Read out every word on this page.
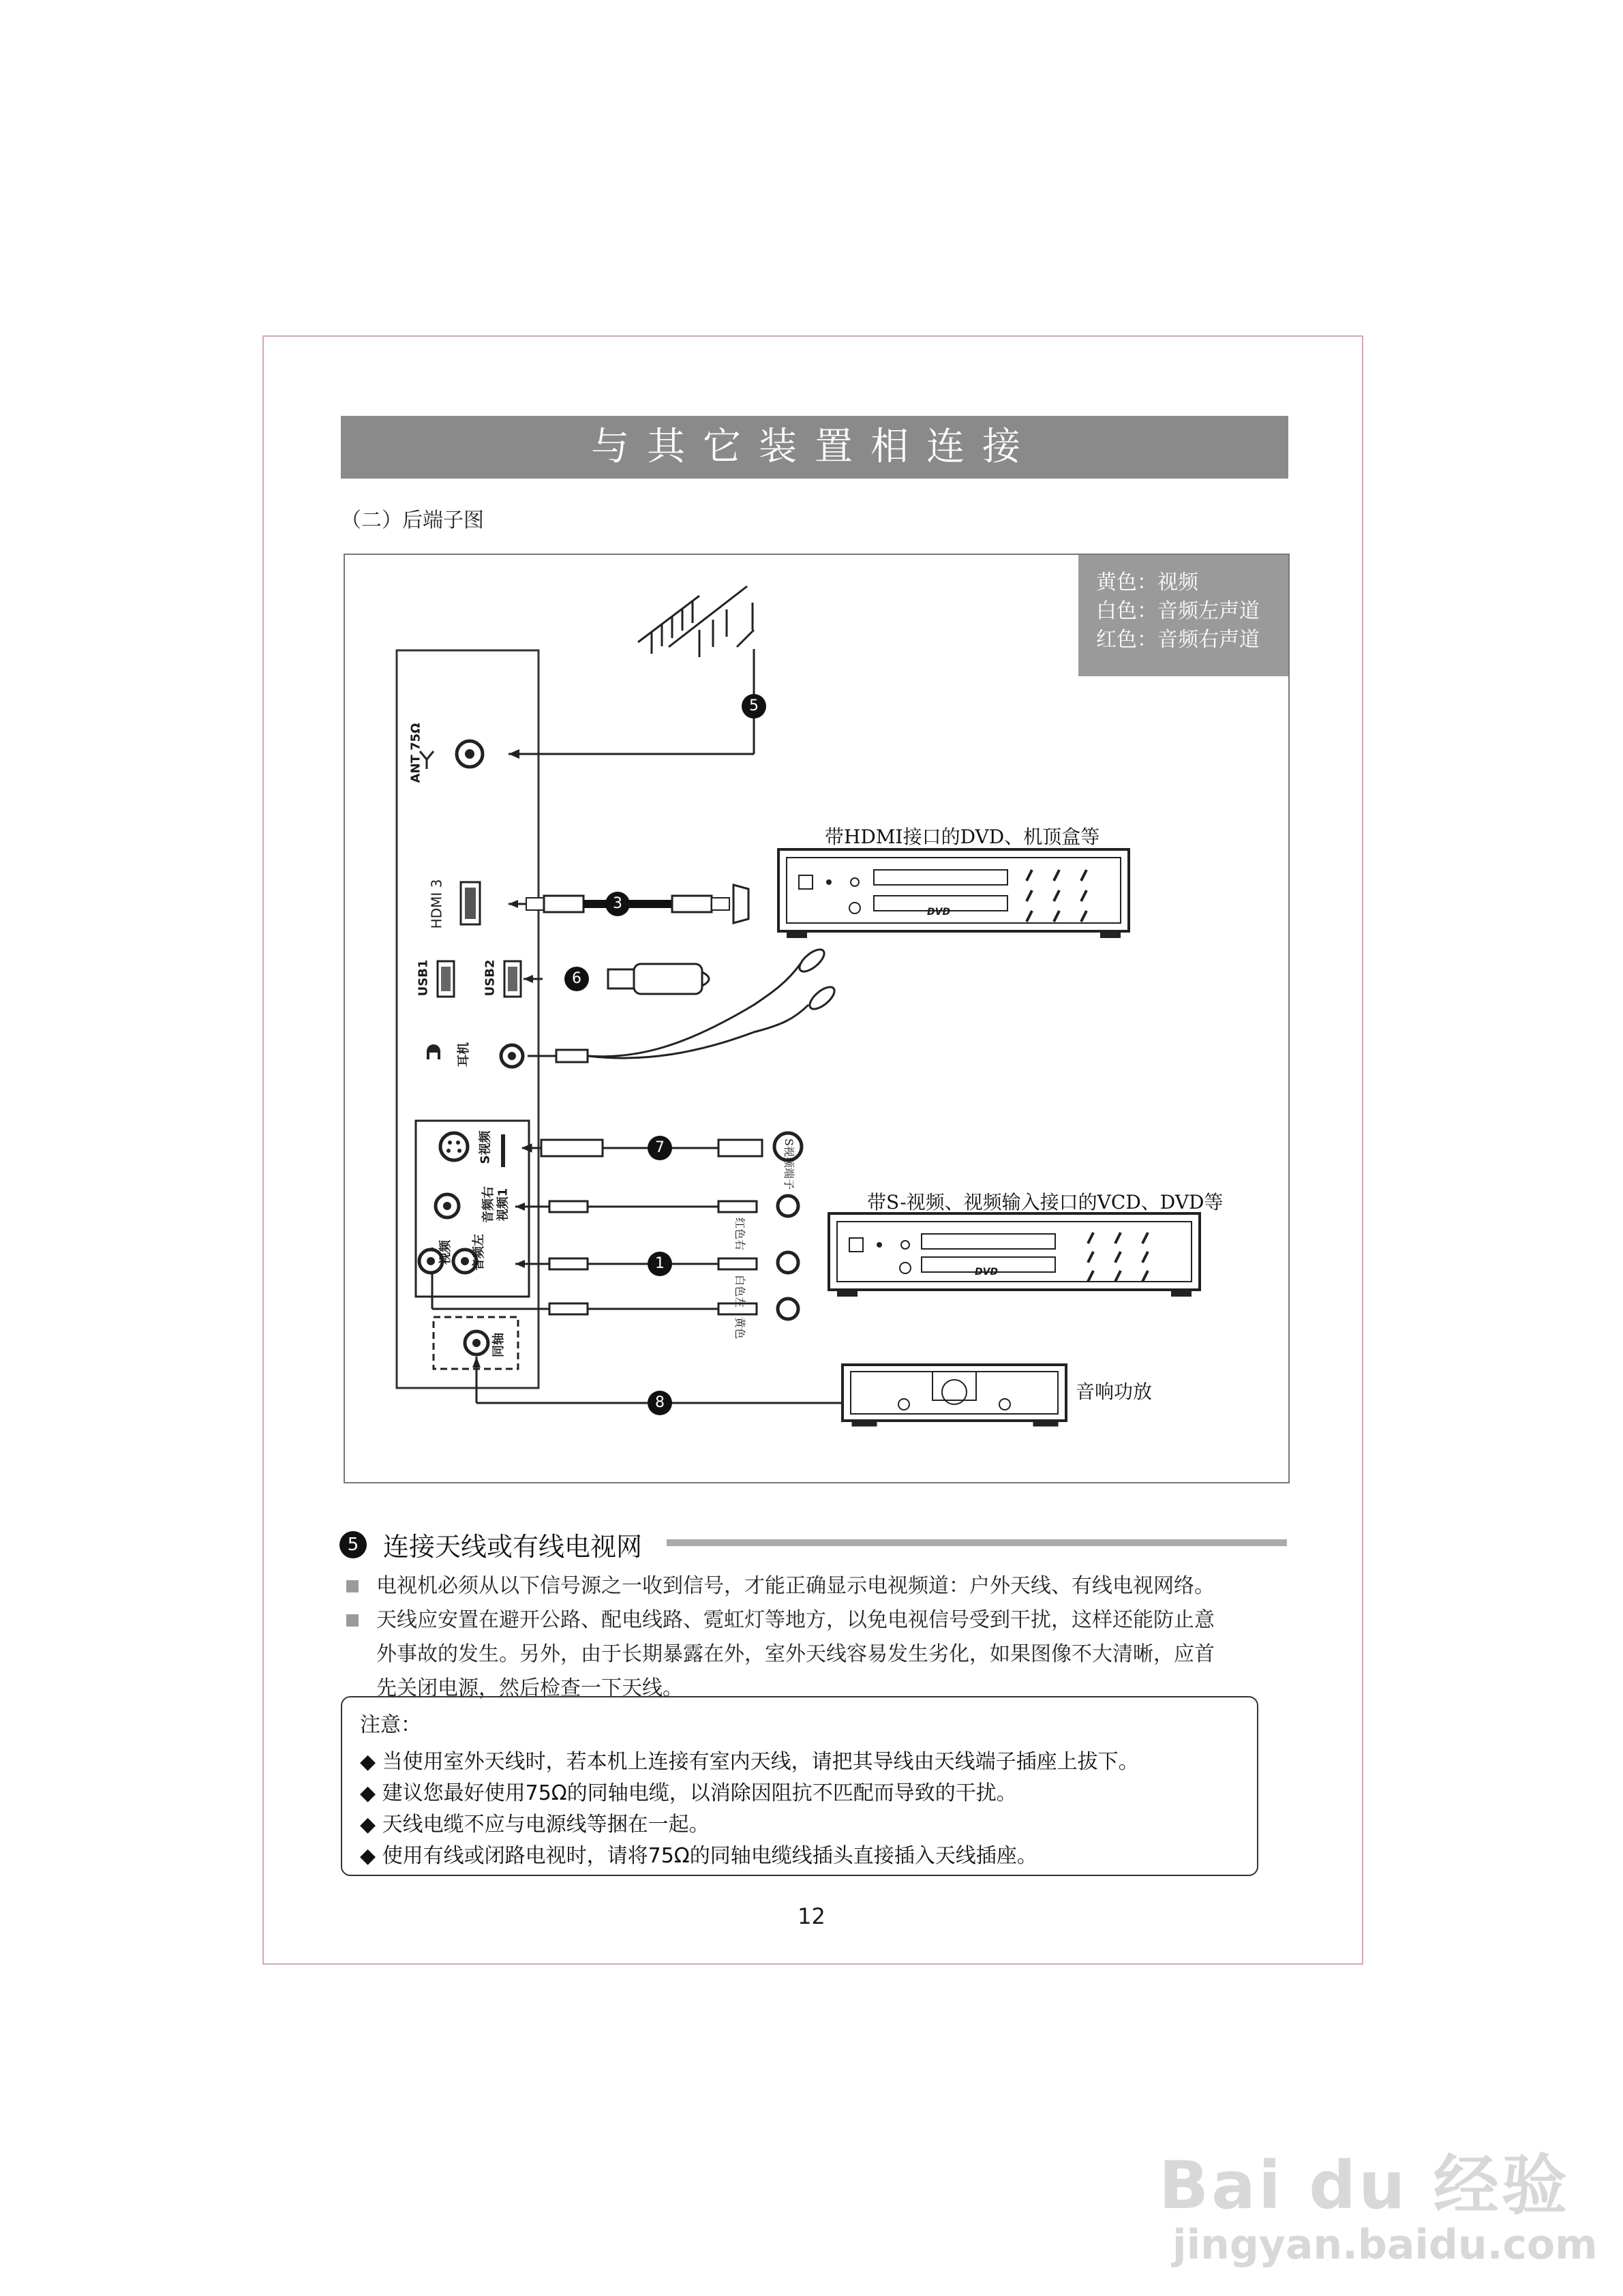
与其它装置相连接
（二）后端子图
黄色：视频
白色：音频左声道
红色：音频右声道
5
3
6
7
1
8
ANT 75Ω
HDMI 3
USB1	USB2
耳机
S视频
音频右 视频1
视频 音频左
同轴
S视频端子
红色右
白色左
黄色
带HDMI接口的DVD、机顶盒等
DVD
带S-视频、视频输入接口的VCD、DVD等
DVD
音响功放
5 连接天线或有线电视网
电视机必须从以下信号源之一收到信号，才能正确显示电视频道：户外天线、有线电视网络。
天线应安置在避开公路、配电线路、霓虹灯等地方，以免电视信号受到干扰，这样还能防止意
外事故的发生。另外，由于长期暴露在外，室外天线容易发生劣化，如果图像不大清晰，应首
先关闭电源，然后检查一下天线。
注意：
◆ 当使用室外天线时，若本机上连接有室内天线，请把其导线由天线端子插座上拔下。
◆ 建议您最好使用75Ω的同轴电缆，以消除因阻抗不匹配而导致的干扰。
◆ 天线电缆不应与电源线等捆在一起。
◆ 使用有线或闭路电视时，请将75Ω的同轴电缆线插头直接插入天线插座。
12
Bai du 经验
jingyan.baidu.com
